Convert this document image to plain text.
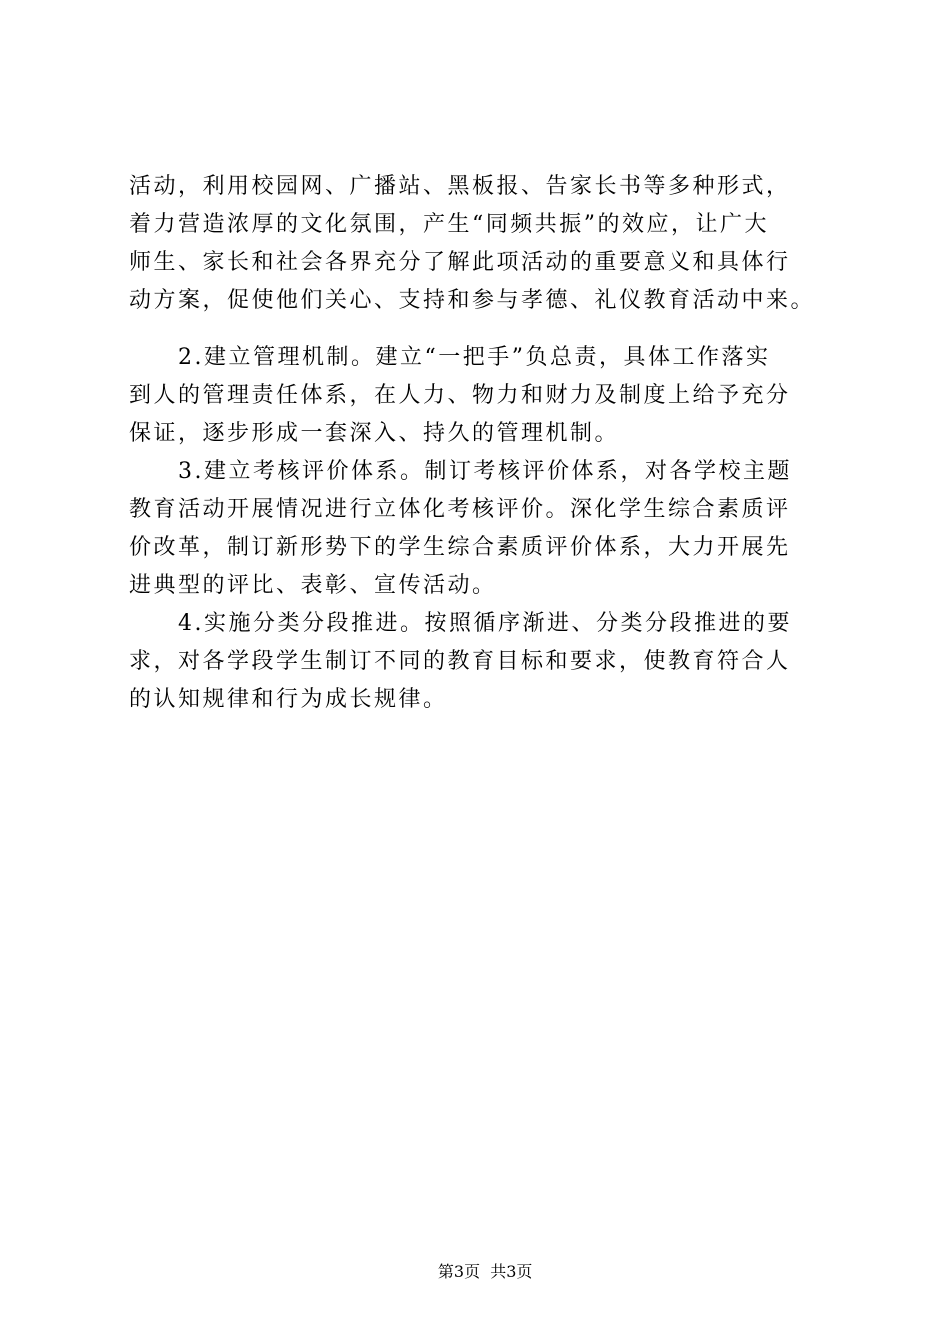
活动，利用校园网、广播站、黑板报、告家长书等多种形式，
着力营造浓厚的文化氛围，产生“同频共振”的效应，让广大
师生、家长和社会各界充分了解此项活动的重要意义和具体行
动方案，促使他们关心、支持和参与孝德、礼仪教育活动中来。
　　2.建立管理机制。建立“一把手”负总责，具体工作落实
到人的管理责任体系，在人力、物力和财力及制度上给予充分
保证，逐步形成一套深入、持久的管理机制。
　　3.建立考核评价体系。制订考核评价体系，对各学校主题
教育活动开展情况进行立体化考核评价。深化学生综合素质评
价改革，制订新形势下的学生综合素质评价体系，大力开展先
进典型的评比、表彰、宣传活动。
　　4.实施分类分段推进。按照循序渐进、分类分段推进的要
求，对各学段学生制订不同的教育目标和要求，使教育符合人
的认知规律和行为成长规律。

第3页  共3页
